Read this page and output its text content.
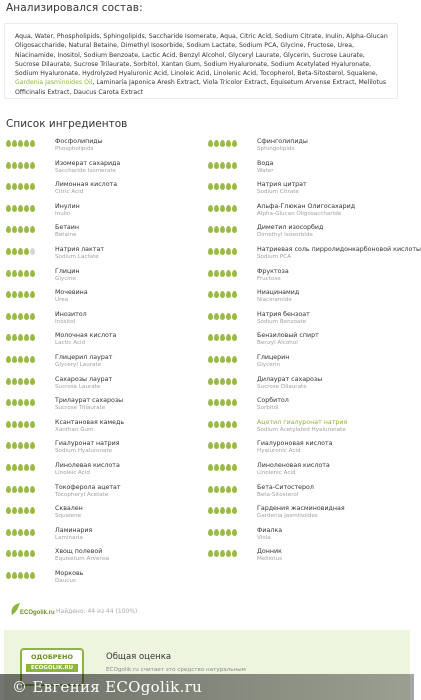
Анализировался состав:
Aqua, Water, Phospholipids, Sphingolipids, Saccharide Isomerate, Aqua, Citric Acid, Sodium Citrate, Inulin, Alpha-Glucan Oligosaccharide, Natural Betaine, Dimethyl Isosorbide, Sodium Lactate, Sodium PCA, Glycine, Fructose, Urea, Niacinamide, Inositol, Sodium Benzoate, Lactic Acid, Benzyl Alcohol, Glyceryl Laurate, Glycerin, Sucrose Laurate, Sucrose Dilaurate, Sucrose Trilaurate, Sorbitol, Xantan Gum, Sodium Hyaluronate, Sodium Acetylated Hyaluronate, Sodium Hyaluronate, Hydrolyzed Hyaluronic Acid, Linoleic Acid, Linolenic Acid, Tocopherol, Beta-Sitosterol, Squalene, Gardenia Jasminoides Oil, Laminaria Japonica Aresh Extract, Viola Tricolor Extract, Equisetum Arvense Extract, Melilotus Officinalis Extract, Daucus Carota Extract
Список ингредиентов
Фосфолипиды
Phospholipids
Изомерат сахарида
Saccharide Isomerate
Лимонная кислота
Citric Acid
Инулин
Inulin
Бетаин
Betaine
Натрия лактат
Sodium Lactate
Глицин
Glycine
Мочевина
Urea
Инозитол
Inositol
Молочная кислота
Lactic Acid
Глицерил лаурат
Glyceryl Laurate
Сахарозы лаурат
Sucrose Laurate
Трилаурат сахарозы
Sucrose Trilaurate
Ксантановая камедь
Xanthan Gum
Гиалуронат натрия
Sodium Hyaluronate
Линолевая кислота
Linoleic Acid
Токоферола ацетат
Tocopheryl Acetate
Сквален
Squalene
Ламинария
Laminaria
Хвощ полевой
Equisetum Arvense
Морковь
Daucus
Сфинголипиды
Sphingolipids
Вода
Water
Натрия цитрат
Sodium Citrate
Альфа-Глюкан Олигосахарид
Alpha-Glucan Oligosaccharide
Диметил изосорбид
Dimethyl Isosorbide
Натриевая соль пирролидонкарбоновой кислоты
Sodium PCA
Фруктоза
Fructose
Ниацинамид
Niacinamide
Натрия бензоат
Sodium Benzoate
Бензиловый спирт
Benzyl Alcohol
Глицерин
Glycerin
Дилаурат сахарозы
Sucrose Dilaurate
Сорбитол
Sorbitol
Ацетил гиалуронат натрия
Sodium Acetylated Hyaluronate
Гиалуроновая кислота
Hyaluronic Acid
Линоленовая кислота
Linolenic Acid
Бета-Ситостерол
Beta-Sitosterol
Гардения жасминовидная
Gardenia Jasminoides
Фиалка
Viola
Донник
Melilotus
ECOgolik.ru Найдено: 44 из 44 (100%)
ОДОБРЕНО
ECOGOLIK.RU
Общая оценка
ECOgolik.ru считает это средство натуральным
© Евгения ECOgolik.ru
